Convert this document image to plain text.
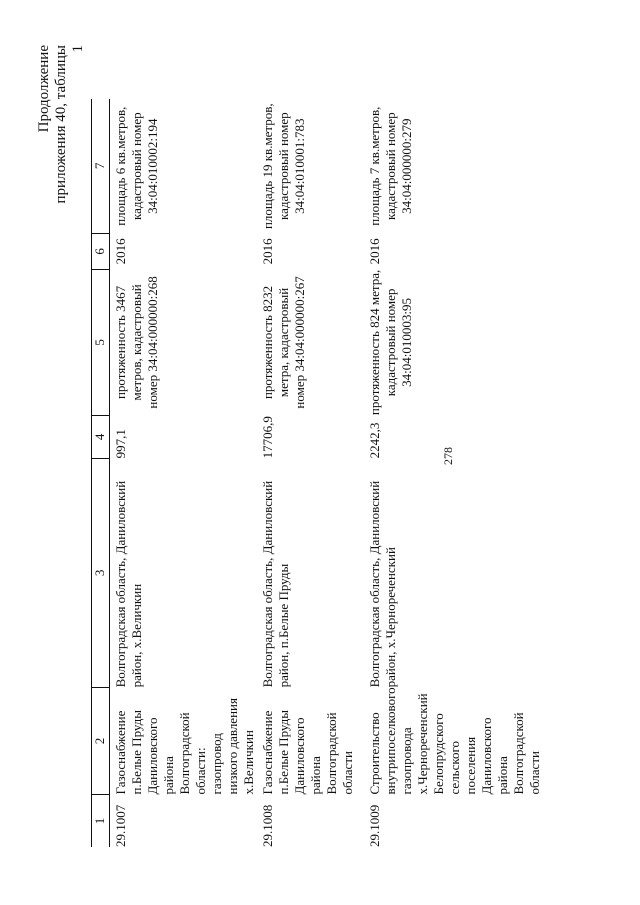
278
Продолжение приложения 40, таблицы 1
1	2	3	4	5	6	7
29.1007	Газоснабжение п.Белые Пруды Даниловского района Волгоградской области: газопровод низкого давления х.Величкин	Волгоградская область, Даниловский район, х.Величкин	997,1	протяженность 3467 метров, кадастровый номер 34:04:000000:268	2016	площадь 6 кв.метров, кадастровый номер 34:04:010002:194
29.1008	Газоснабжение п.Белые Пруды Даниловского района Волгоградской области	Волгоградская область, Даниловский район, п.Белые Пруды	17706,9	протяженность 8232 метра, кадастровый номер 34:04:000000:267	2016	площадь 19 кв.метров, кадастровый номер 34:04:010001:783
29.1009	Строительство внутрипоселкового газопровода х.Чернореченский Белопрудского сельского поселения Даниловского района Волгоградской области	Волгоградская область, Даниловский район, х.Чернореченский	2242,3	протяженность 824 метра, кадастровый номер 34:04:010003:95	2016	площадь 7 кв.метров, кадастровый номер 34:04:000000:279
